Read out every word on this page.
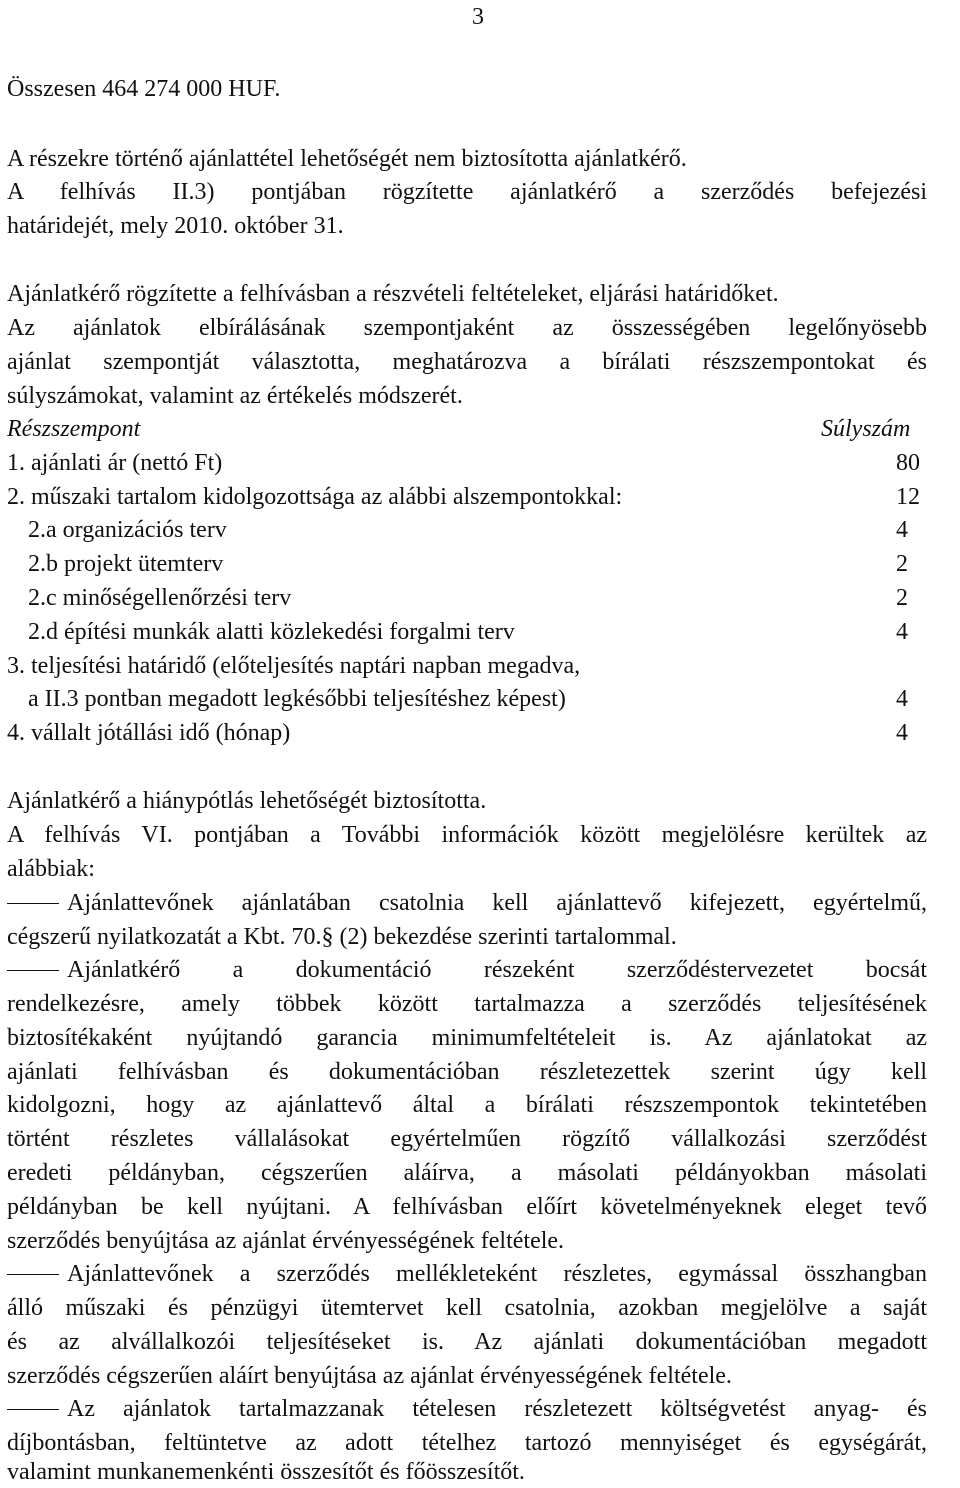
3
Összesen 464 274 000 HUF.
A részekre történő ajánlattétel lehetőségét nem biztosította ajánlatkérő.
A felhívás II.3) pontjában rögzítette ajánlatkérő a szerződés befejezési
határidejét, mely 2010. október 31.
Ajánlatkérő rögzítette a felhívásban a részvételi feltételeket, eljárási határidőket.
Az ajánlatok elbírálásának szempontjaként az összességében legelőnyösebb
ajánlat szempontját választotta, meghatározva a bírálati részszempontokat és
súlyszámokat, valamint az értékelés módszerét.
Részszempont	Súlyszám
1. ajánlati ár (nettó Ft)	80
2. műszaki tartalom kidolgozottsága az alábbi alszempontokkal:	12
2.a organizációs terv	4
2.b projekt ütemterv	2
2.c minőségellenőrzési terv	2
2.d építési munkák alatti közlekedési forgalmi terv	4
3. teljesítési határidő (előteljesítés naptári napban megadva,
a II.3 pontban megadott legkésőbbi teljesítéshez képest)	4
4. vállalt jótállási idő (hónap)	4
Ajánlatkérő a hiánypótlás lehetőségét biztosította.
A felhívás VI. pontjában a További információk között megjelölésre kerültek az
alábbiak:
Ajánlattevőnek ajánlatában csatolnia kell ajánlattevő kifejezett, egyértelmű,
cégszerű nyilatkozatát a Kbt. 70.§ (2) bekezdése szerinti tartalommal.
Ajánlatkérő a dokumentáció részeként szerződéstervezetet bocsát
rendelkezésre, amely többek között tartalmazza a szerződés teljesítésének
biztosítékaként nyújtandó garancia minimumfeltételeit is. Az ajánlatokat az
ajánlati felhívásban és dokumentációban részletezettek szerint úgy kell
kidolgozni, hogy az ajánlattevő által a bírálati részszempontok tekintetében
történt részletes vállalásokat egyértelműen rögzítő vállalkozási szerződést
eredeti példányban, cégszerűen aláírva, a másolati példányokban másolati
példányban be kell nyújtani. A felhívásban előírt követelményeknek eleget tevő
szerződés benyújtása az ajánlat érvényességének feltétele.
Ajánlattevőnek a szerződés mellékleteként részletes, egymással összhangban
álló műszaki és pénzügyi ütemtervet kell csatolnia, azokban megjelölve a saját
és az alvállalkozói teljesítéseket is. Az ajánlati dokumentációban megadott
szerződés cégszerűen aláírt benyújtása az ajánlat érvényességének feltétele.
Az ajánlatok tartalmazzanak tételesen részletezett költségvetést anyag- és
díjbontásban, feltüntetve az adott tételhez tartozó mennyiséget és egységárát,
valamint munkanemenkénti összesítőt és főösszesítőt.
